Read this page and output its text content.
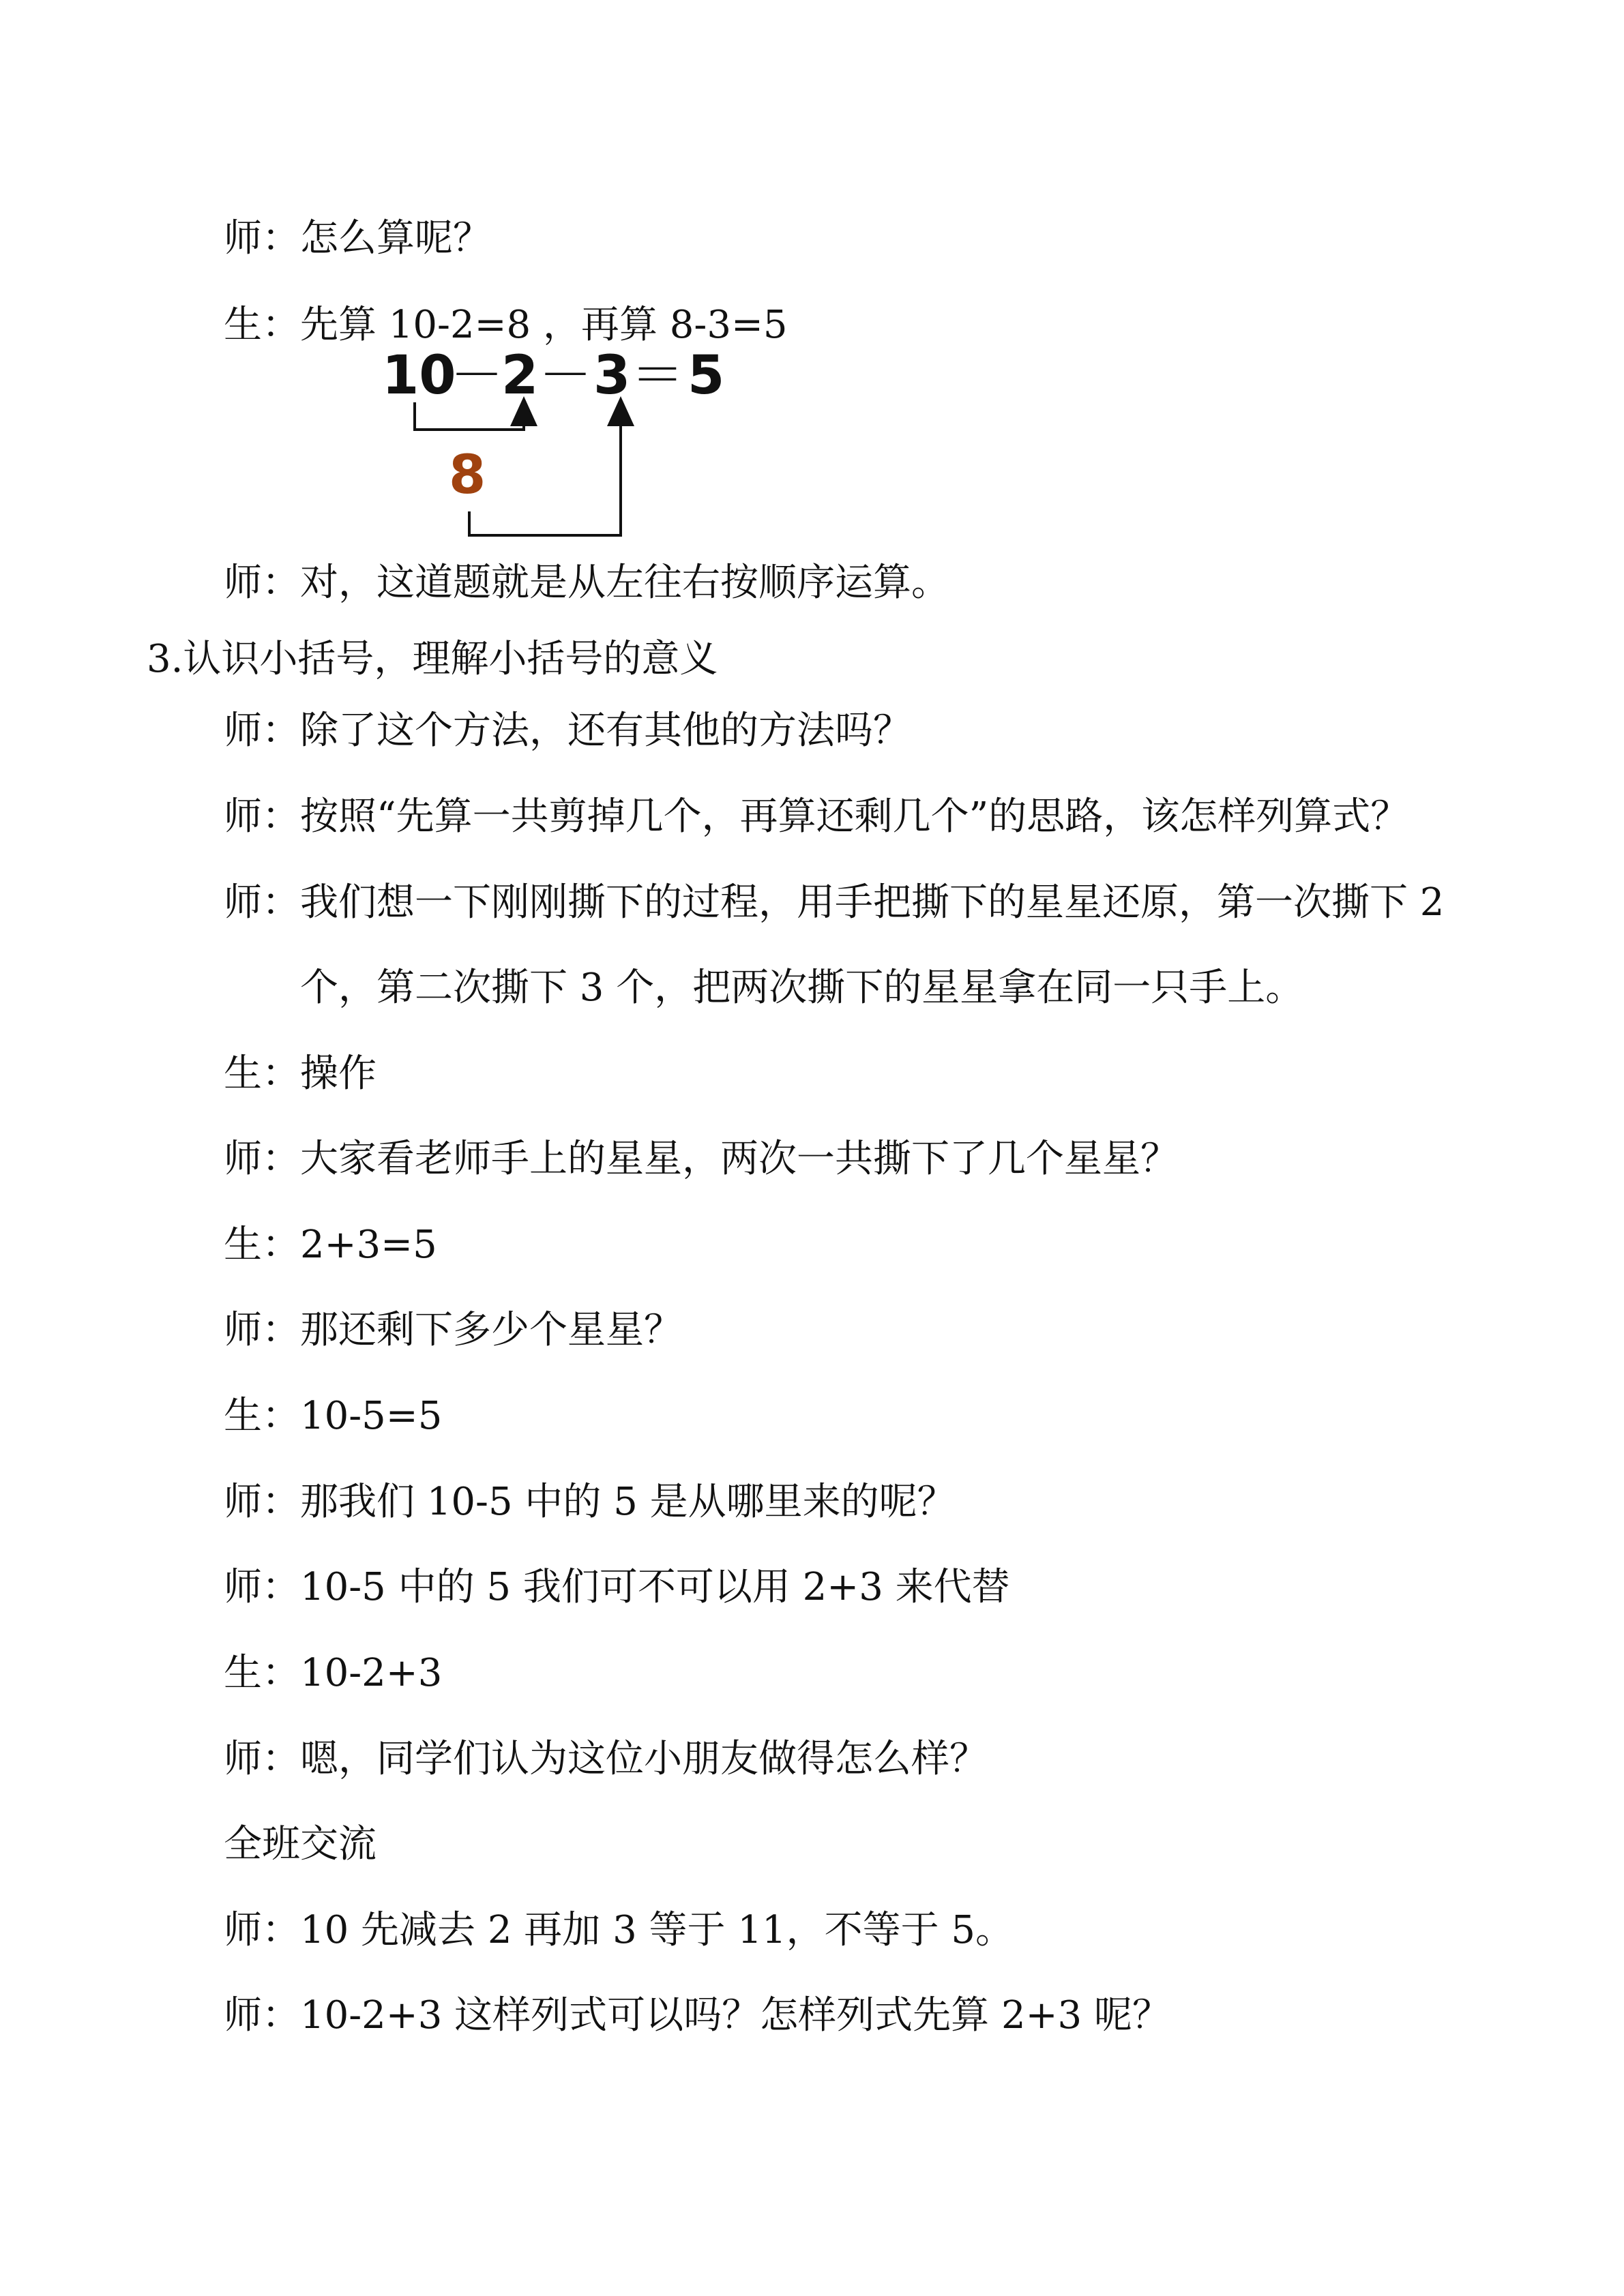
师：怎么算呢？
生：先算 10-2=8 ，再算 8-3=5
10
－
2 － 3 ＝ 5
8
师：对，这道题就是从左往右按顺序运算。
3.认识小括号，理解小括号的意义
师：除了这个方法，还有其他的方法吗？
师：按照“先算一共剪掉几个，再算还剩几个”的思路，该怎样列算式？
师：我们想一下刚刚撕下的过程，用手把撕下的星星还原，第一次撕下 2
个，第二次撕下 3 个，把两次撕下的星星拿在同一只手上。
生：操作
师：大家看老师手上的星星，两次一共撕下了几个星星？
生：2+3=5
师：那还剩下多少个星星？
生：10-5=5
师：那我们 10-5 中的 5 是从哪里来的呢？
师：10-5 中的 5 我们可不可以用 2+3 来代替
生：10-2+3
师：嗯，同学们认为这位小朋友做得怎么样？
全班交流
师：10 先减去 2 再加 3 等于 11，不等于 5。
师：10-2+3 这样列式可以吗？怎样列式先算 2+3 呢？
